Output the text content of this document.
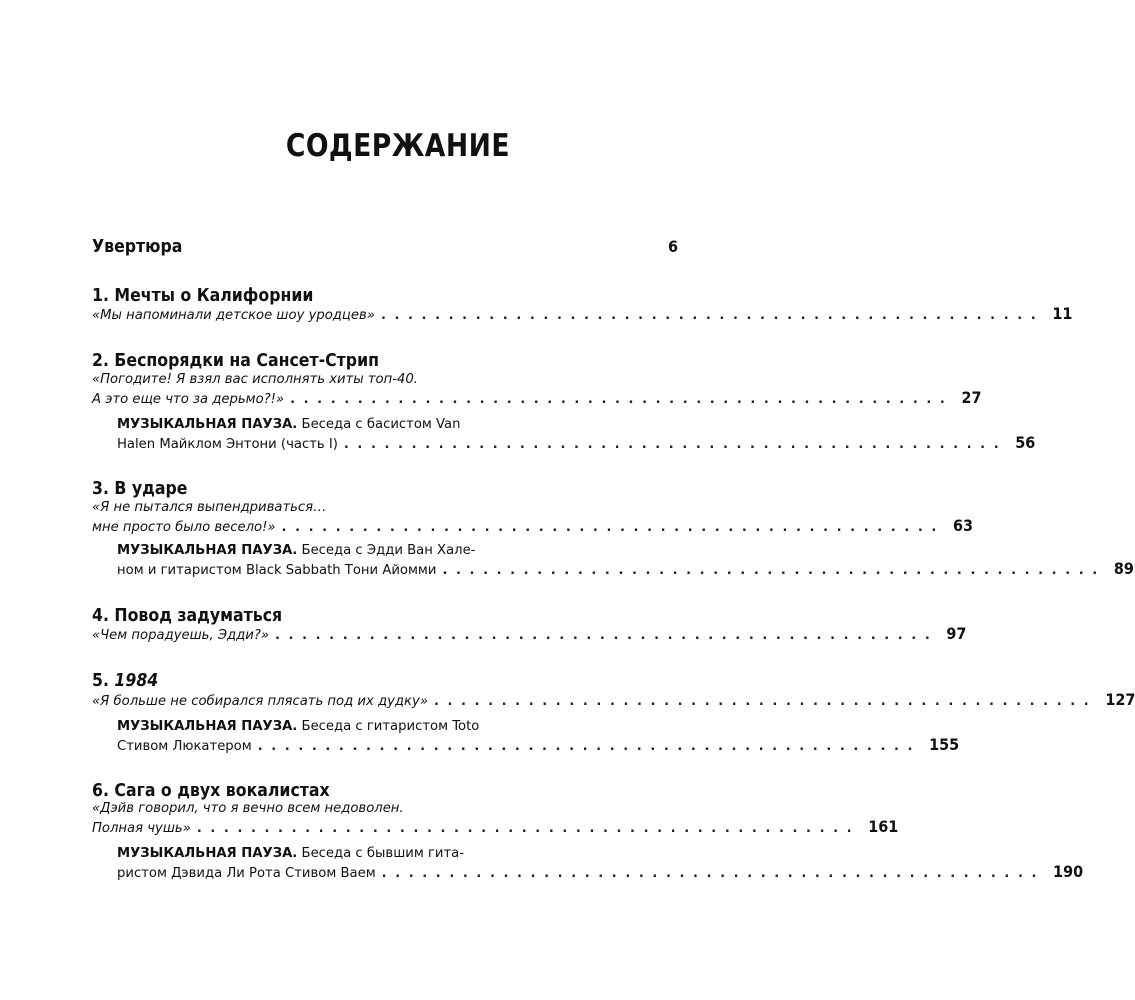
СОДЕРЖАНИЕ
Увертюра	6
1. Мечты о Калифорнии
«Мы напоминали детское шоу уродцев» ................................................. 11
2. Беспорядки на Сансет-Стрип
«Погодите! Я взял вас исполнять хиты топ-40.
А это еще что за дерьмо?!» ................................................. 27
МУЗЫКАЛЬНАЯ ПАУЗА. Беседа с басистом Van
Halen Майклом Энтони (часть I) ................................................. 56
3. В ударе
«Я не пытался выпендриваться…
мне просто было весело!» ................................................. 63
МУЗЫКАЛЬНАЯ ПАУЗА. Беседа с Эдди Ван Хале-
ном и гитаристом Black Sabbath Тони Айомми ................................................. 89
4. Повод задуматься
«Чем порадуешь, Эдди?» ................................................. 97
5. 1984
«Я больше не собирался плясать под их дудку» ................................................. 127
МУЗЫКАЛЬНАЯ ПАУЗА. Беседа с гитаристом Toto
Стивом Люкатером ................................................. 155
6. Сага о двух вокалистах
«Дэйв говорил, что я вечно всем недоволен.
Полная чушь» ................................................. 161
МУЗЫКАЛЬНАЯ ПАУЗА. Беседа с бывшим гита-
ристом Дэвида Ли Рота Стивом Ваем ................................................. 190
